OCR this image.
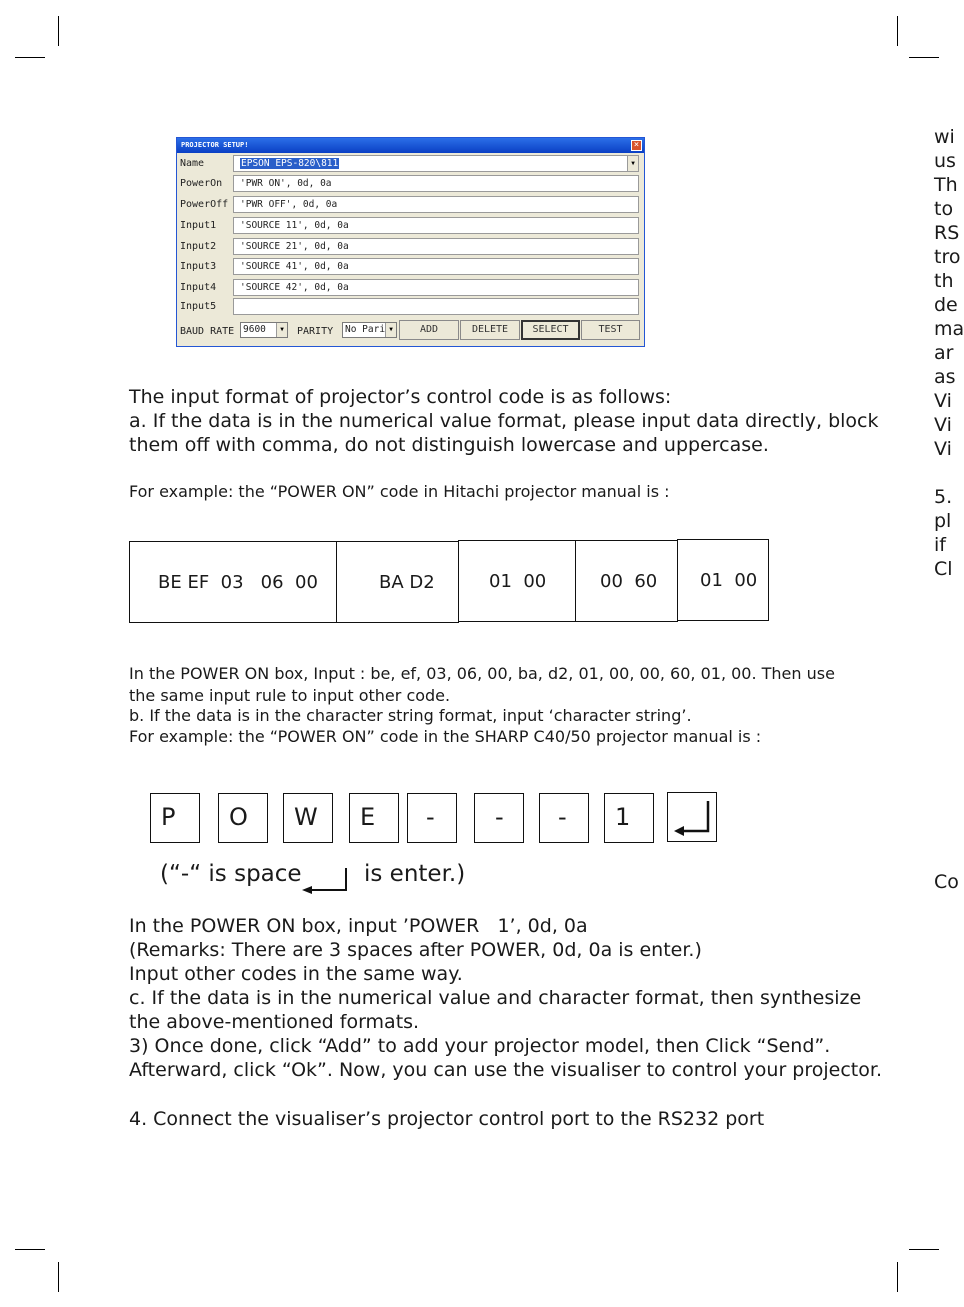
PROJECTOR SETUP!	×
Name	EPSON EPS-820\811	▼
PowerOn	'PWR ON', 0d, 0a
PowerOff	'PWR OFF', 0d, 0a
Input1	'SOURCE 11', 0d, 0a
Input2	'SOURCE 21', 0d, 0a
Input3	'SOURCE 41', 0d, 0a
Input4	'SOURCE 42', 0d, 0a
Input5
BAUD RATE 9600	▼	PARITY	No Pari ▼	ADD	DELETE	SELECT	TEST
The input format of projector’s control code is as follows:
a. If the data is in the numerical value format, please input data directly, block
them off with comma, do not distinguish lowercase and uppercase.
For example: the “POWER ON” code in Hitachi projector manual is :
BE EF  03   06  00	BA D2	01  00	00  60	01  00
In the POWER ON box, Input : be, ef, 03, 06, 00, ba, d2, 01, 00, 00, 60, 01, 00. Then use
the same input rule to input other code.
b. If the data is in the character string format, input ‘character string’.
For example: the “POWER ON” code in the SHARP C40/50 projector manual is :
P	O	W	E	-	-	-	1
(“-“ is space	is enter.)
In the POWER ON box, input ’POWER   1’, 0d, 0a
(Remarks: There are 3 spaces after POWER, 0d, 0a is enter.)
Input other codes in the same way.
c. If the data is in the numerical value and character format, then synthesize
the above-mentioned formats.
3) Once done, click “Add” to add your projector model, then Click “Send”.
Afterward, click “Ok”. Now, you can use the visualiser to control your projector.
4. Connect the visualiser’s projector control port to the RS232 port
wi
us
Th
to
RS
tro
th
de
ma
ar
as
Vi
Vi
Vi
5.
pl
if
Cl
Co
